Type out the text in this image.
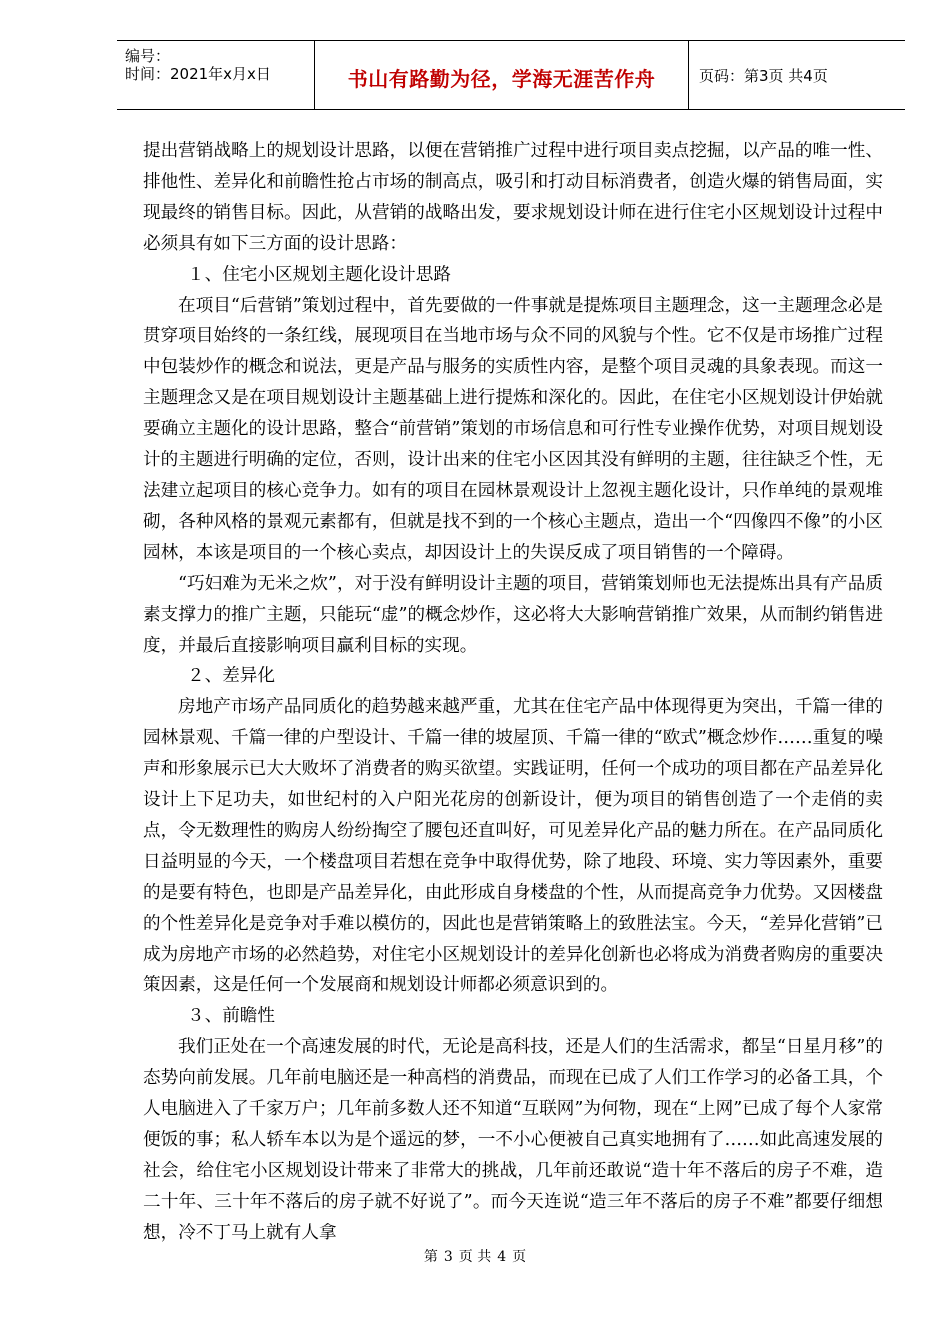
编号：
时间：2021年x月x日	书山有路勤为径，学海无涯苦作舟	页码：第3页 共4页

提出营销战略上的规划设计思路，以便在营销推广过程中进行项目卖点挖掘，以产品的唯一性、排他性、差异化和前瞻性抢占市场的制高点，吸引和打动目标消费者，创造火爆的销售局面，实现最终的销售目标。因此，从营销的战略出发，要求规划设计师在进行住宅小区规划设计过程中必须具有如下三方面的设计思路：

１、住宅小区规划主题化设计思路

在项目“后营销”策划过程中，首先要做的一件事就是提炼项目主题理念，这一主题理念必是贯穿项目始终的一条红线，展现项目在当地市场与众不同的风貌与个性。它不仅是市场推广过程中包装炒作的概念和说法，更是产品与服务的实质性内容，是整个项目灵魂的具象表现。而这一主题理念又是在项目规划设计主题基础上进行提炼和深化的。因此，在住宅小区规划设计伊始就要确立主题化的设计思路，整合“前营销”策划的市场信息和可行性专业操作优势，对项目规划设计的主题进行明确的定位，否则，设计出来的住宅小区因其没有鲜明的主题，往往缺乏个性，无法建立起项目的核心竞争力。如有的项目在园林景观设计上忽视主题化设计，只作单纯的景观堆砌，各种风格的景观元素都有，但就是找不到的一个核心主题点，造出一个“四像四不像”的小区园林，本该是项目的一个核心卖点，却因设计上的失误反成了项目销售的一个障碍。

“巧妇难为无米之炊”，对于没有鲜明设计主题的项目，营销策划师也无法提炼出具有产品质素支撑力的推广主题，只能玩“虚”的概念炒作，这必将大大影响营销推广效果，从而制约销售进度，并最后直接影响项目赢利目标的实现。

２、差异化

房地产市场产品同质化的趋势越来越严重，尤其在住宅产品中体现得更为突出，千篇一律的园林景观、千篇一律的户型设计、千篇一律的坡屋顶、千篇一律的“欧式”概念炒作……重复的噪声和形象展示已大大败坏了消费者的购买欲望。实践证明，任何一个成功的项目都在产品差异化设计上下足功夫，如世纪村的入户阳光花房的创新设计，便为项目的销售创造了一个走俏的卖点，令无数理性的购房人纷纷掏空了腰包还直叫好，可见差异化产品的魅力所在。在产品同质化日益明显的今天，一个楼盘项目若想在竞争中取得优势，除了地段、环境、实力等因素外，重要的是要有特色，也即是产品差异化，由此形成自身楼盘的个性，从而提高竞争力优势。又因楼盘的个性差异化是竞争对手难以模仿的，因此也是营销策略上的致胜法宝。今天，“差异化营销”已成为房地产市场的必然趋势，对住宅小区规划设计的差异化创新也必将成为消费者购房的重要决策因素，这是任何一个发展商和规划设计师都必须意识到的。

３、前瞻性

我们正处在一个高速发展的时代，无论是高科技，还是人们的生活需求，都呈“日星月移”的态势向前发展。几年前电脑还是一种高档的消费品，而现在已成了人们工作学习的必备工具，个人电脑进入了千家万户；几年前多数人还不知道“互联网”为何物，现在“上网”已成了每个人家常便饭的事；私人轿车本以为是个遥远的梦，一不小心便被自己真实地拥有了……如此高速发展的社会，给住宅小区规划设计带来了非常大的挑战，几年前还敢说“造十年不落后的房子不难，造二十年、三十年不落后的房子就不好说了”。而今天连说“造三年不落后的房子不难”都要仔细想想，冷不丁马上就有人拿

第 3 页 共 4 页
